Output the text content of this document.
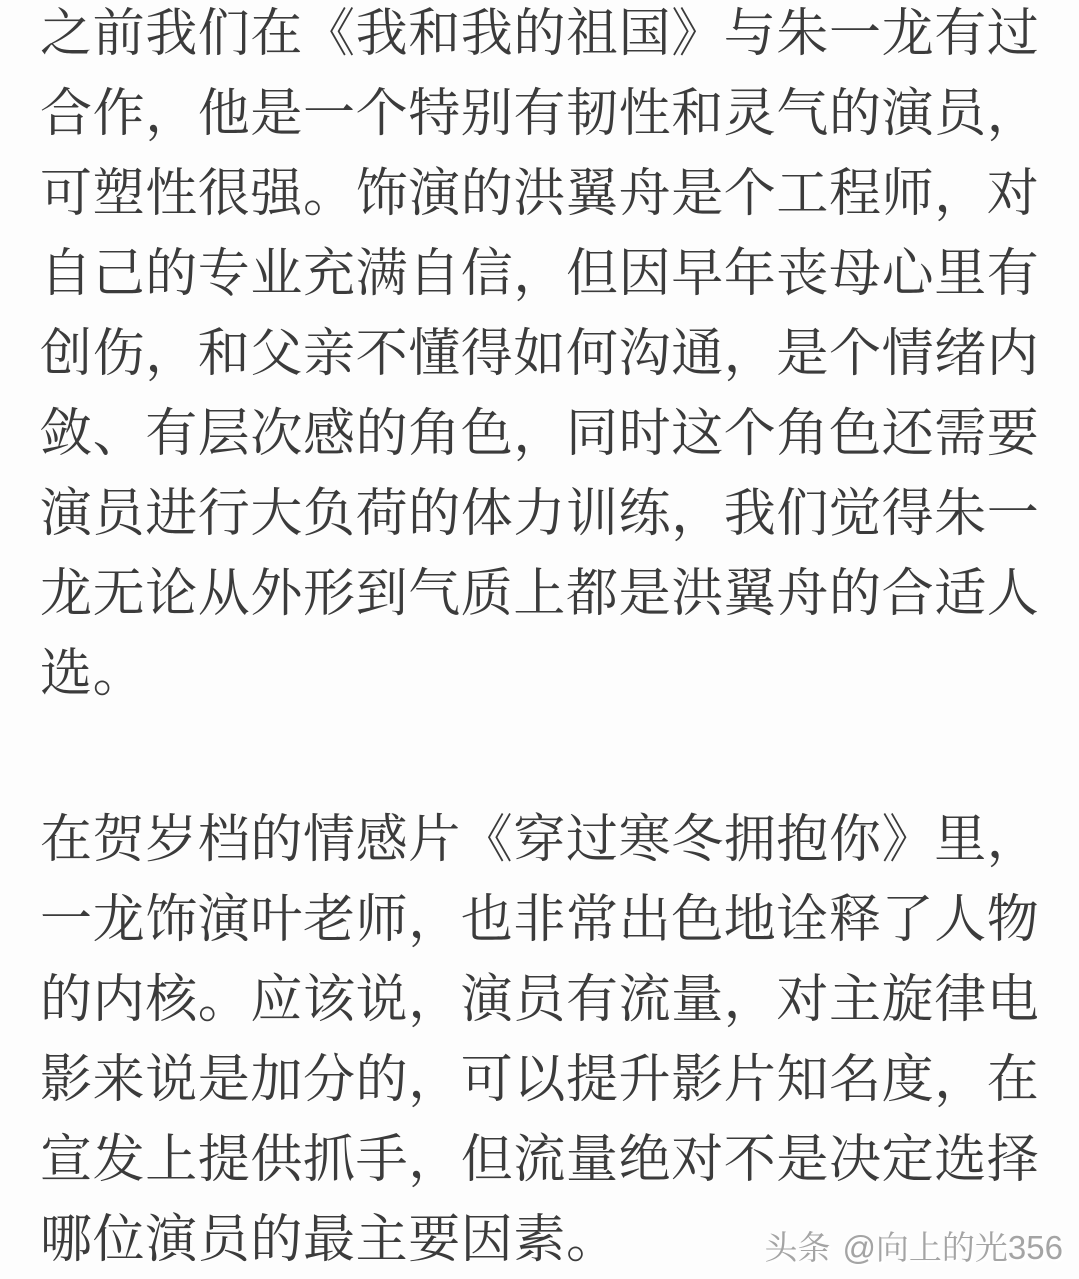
之前我们在《我和我的祖国》与朱一龙有过
合作，他是一个特别有韧性和灵气的演员，
可塑性很强。饰演的洪翼舟是个工程师，对
自己的专业充满自信，但因早年丧母心里有
创伤，和父亲不懂得如何沟通，是个情绪内
敛、有层次感的角色，同时这个角色还需要
演员进行大负荷的体力训练，我们觉得朱一
龙无论从外形到气质上都是洪翼舟的合适人
选。
在贺岁档的情感片《穿过寒冬拥抱你》里，
一龙饰演叶老师，也非常出色地诠释了人物
的内核。应该说，演员有流量，对主旋律电
影来说是加分的，可以提升影片知名度，在
宣发上提供抓手，但流量绝对不是决定选择
哪位演员的最主要因素。	头条 @向上的光356
